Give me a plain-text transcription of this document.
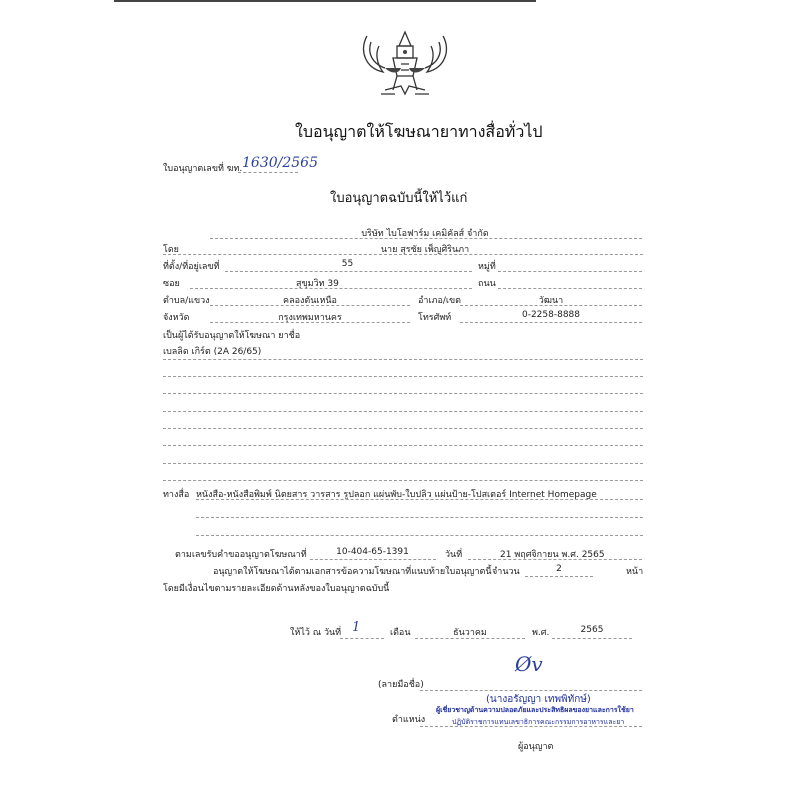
ใบอนุญาตให้โฆษณายาทางสื่อทั่วไป
ใบอนุญาตเลขที่ ฆท. 1630/2565
ใบอนุญาตฉบับนี้ให้ไว้แก่
บริษัท ไบโอฟาร์ม เคมิคัลส์ จำกัด
โดย	นาย สุรชัย เพ็ญศิรินภา
ที่ตั้ง/ที่อยู่เลขที่	55	หมู่ที่
ซอย	สุขุมวิท 39	ถนน
ตำบล/แขวง	คลองตันเหนือ	อำเภอ/เขต	วัฒนา
จังหวัด	กรุงเทพมหานคร	โทรศัพท์	0-2258-8888
เป็นผู้ได้รับอนุญาตให้โฆษณา ยาชื่อ
เบลลิด เกิร์ต (2A 26/65)
ทางสื่อ หนังสือ-หนังสือพิมพ์ นิตยสาร วารสาร รูปลอก แผ่นพับ-ใบปลิว แผ่นป้าย-โปสเตอร์ Internet Homepage
ตามเลขรับคำขออนุญาตโฆษณาที่	10-404-65-1391	วันที่	21 พฤศจิกายน พ.ศ. 2565
อนุญาตให้โฆษณาได้ตามเอกสารข้อความโฆษณาที่แนบท้ายใบอนุญาตนี้ จำนวน	2	หน้า
โดยมีเงื่อนไขตามรายละเอียดด้านหลังของใบอนุญาตฉบับนี้
ให้ไว้ ณ วันที่ 1	เดือน	ธันวาคม	พ.ศ.	2565
(ลายมือชื่อ)
Øv
(นางอรัญญา เทพพิทักษ์)
ตำแหน่ง
ผู้เชี่ยวชาญด้านความปลอดภัยและประสิทธิผลของยาและการใช้ยา
ปฏิบัติราชการแทนเลขาธิการคณะกรรมการอาหารและยา
ผู้อนุญาต
